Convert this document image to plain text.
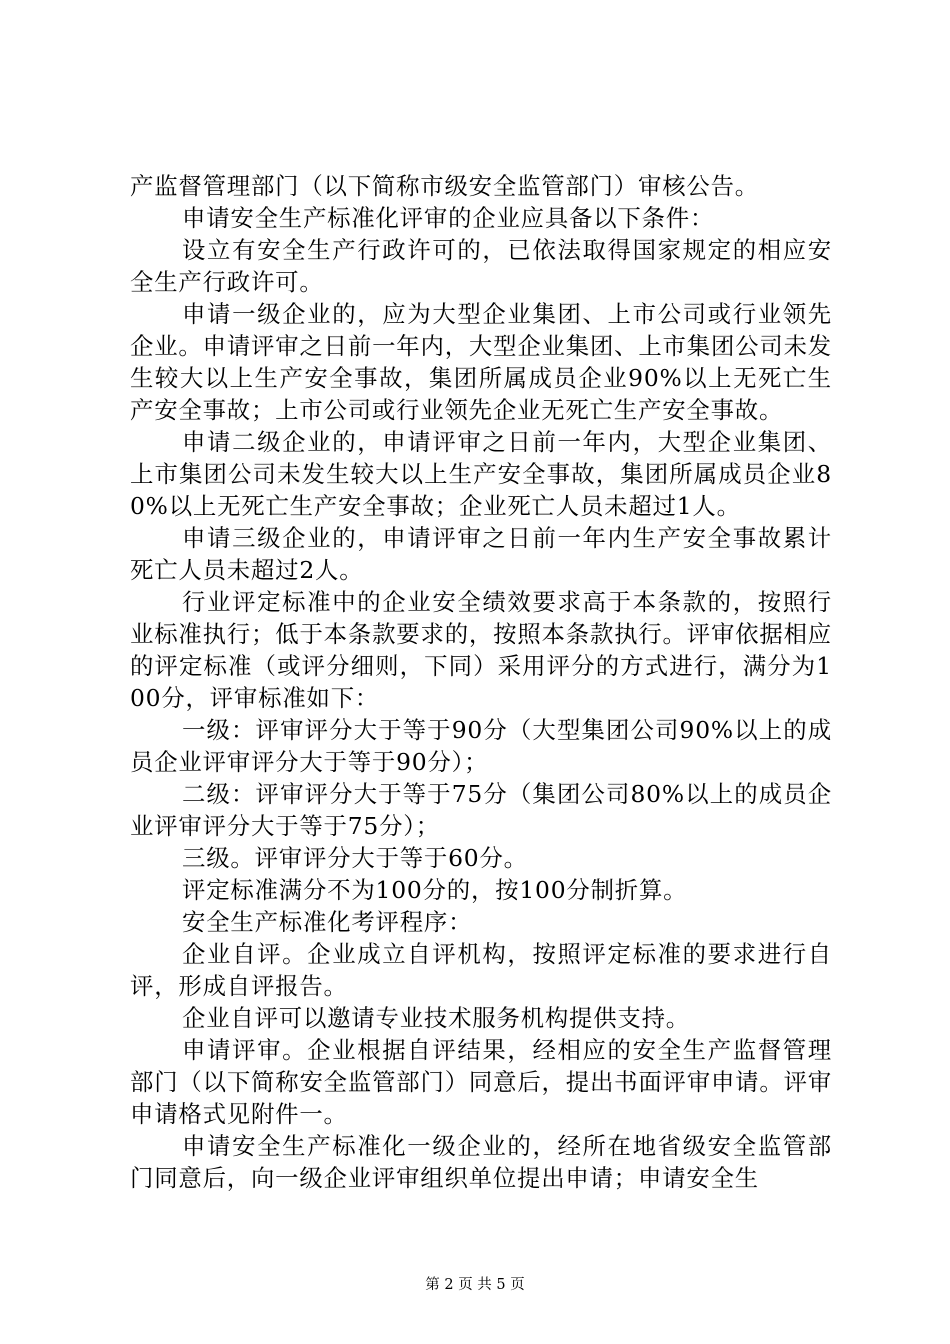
产监督管理部门（以下简称市级安全监管部门）审核公告。

申请安全生产标准化评审的企业应具备以下条件：

设立有安全生产行政许可的，已依法取得国家规定的相应安全生产行政许可。

申请一级企业的，应为大型企业集团、上市公司或行业领先企业。申请评审之日前一年内，大型企业集团、上市集团公司未发生较大以上生产安全事故，集团所属成员企业90%以上无死亡生产安全事故；上市公司或行业领先企业无死亡生产安全事故。

申请二级企业的，申请评审之日前一年内，大型企业集团、上市集团公司未发生较大以上生产安全事故，集团所属成员企业80%以上无死亡生产安全事故；企业死亡人员未超过1人。

申请三级企业的，申请评审之日前一年内生产安全事故累计死亡人员未超过2人。

行业评定标准中的企业安全绩效要求高于本条款的，按照行业标准执行；低于本条款要求的，按照本条款执行。评审依据相应的评定标准（或评分细则，下同）采用评分的方式进行，满分为100分，评审标准如下：

一级：评审评分大于等于90分（大型集团公司90%以上的成员企业评审评分大于等于90分）；

二级：评审评分大于等于75分（集团公司80%以上的成员企业评审评分大于等于75分）；

三级。评审评分大于等于60分。

评定标准满分不为100分的，按100分制折算。

安全生产标准化考评程序：

企业自评。企业成立自评机构，按照评定标准的要求进行自评，形成自评报告。

企业自评可以邀请专业技术服务机构提供支持。

申请评审。企业根据自评结果，经相应的安全生产监督管理部门（以下简称安全监管部门）同意后，提出书面评审申请。评审申请格式见附件一。

申请安全生产标准化一级企业的，经所在地省级安全监管部门同意后，向一级企业评审组织单位提出申请；申请安全生

第 2 页 共 5 页
